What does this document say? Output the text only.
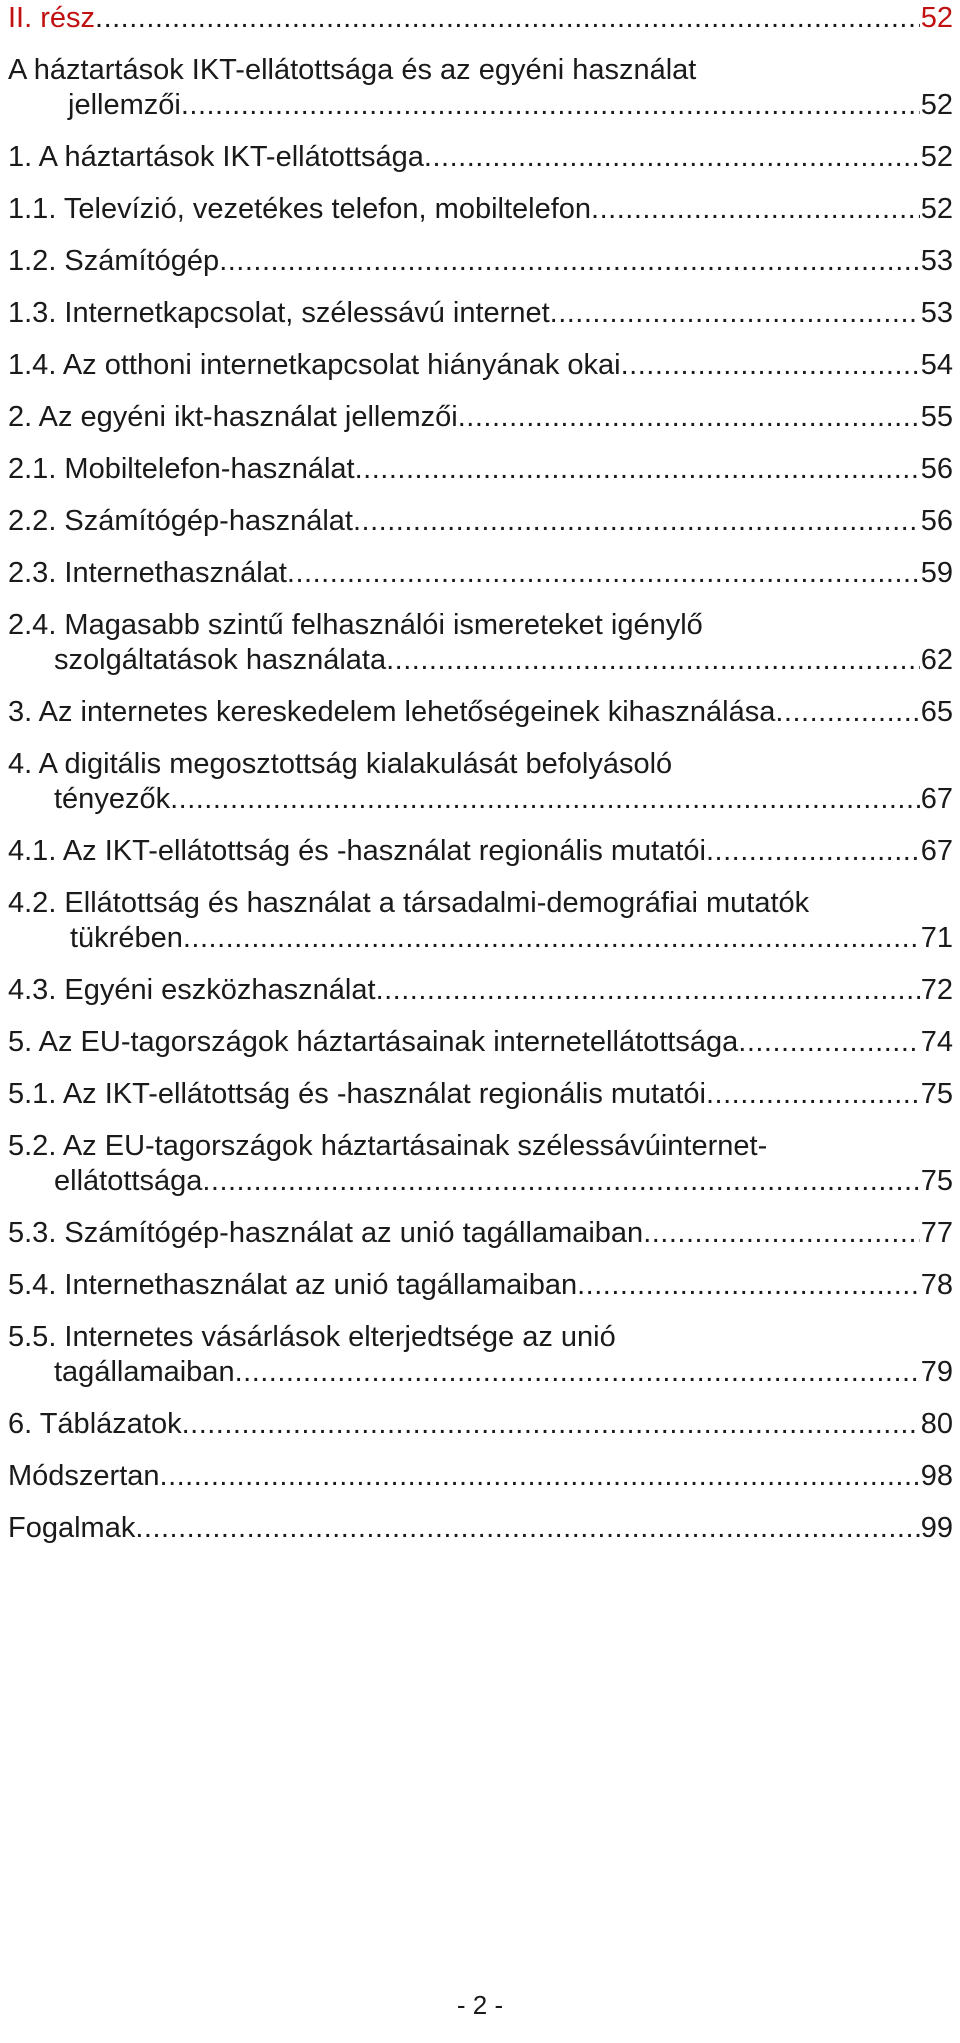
II. rész .....	52
A háztartások IKT-ellátottsága és az egyéni használat
jellemzői .....	52
1. A háztartások IKT-ellátottsága .....	52
1.1. Televízió, vezetékes telefon, mobiltelefon .....	52
1.2. Számítógép .....	53
1.3. Internetkapcsolat, szélessávú internet .....	53
1.4. Az otthoni internetkapcsolat hiányának okai .....	54
2. Az egyéni ikt-használat jellemzői .....	55
2.1. Mobiltelefon-használat .....	56
2.2. Számítógép-használat .....	56
2.3. Internethasználat .....	59
2.4. Magasabb szintű felhasználói ismereteket igénylő
szolgáltatások használata .....	62
3. Az internetes kereskedelem lehetőségeinek kihasználása .....	65
4. A digitális megosztottság kialakulását befolyásoló
tényezők .....	67
4.1. Az IKT-ellátottság és -használat regionális mutatói .....	67
4.2. Ellátottság és használat a társadalmi-demográfiai mutatók
tükrében .....	71
4.3. Egyéni eszközhasználat .....	72
5. Az EU-tagországok háztartásainak internetellátottsága .....	74
5.1. Az IKT-ellátottság és -használat regionális mutatói .....	75
5.2. Az EU-tagországok háztartásainak szélessávúinternet-
ellátottsága .....	75
5.3. Számítógép-használat az unió tagállamaiban .....	77
5.4. Internethasználat az unió tagállamaiban .....	78
5.5. Internetes vásárlások elterjedtsége az unió
tagállamaiban .....	79
6. Táblázatok .....	80
Módszertan .....	98
Fogalmak .....	99
- 2 -
